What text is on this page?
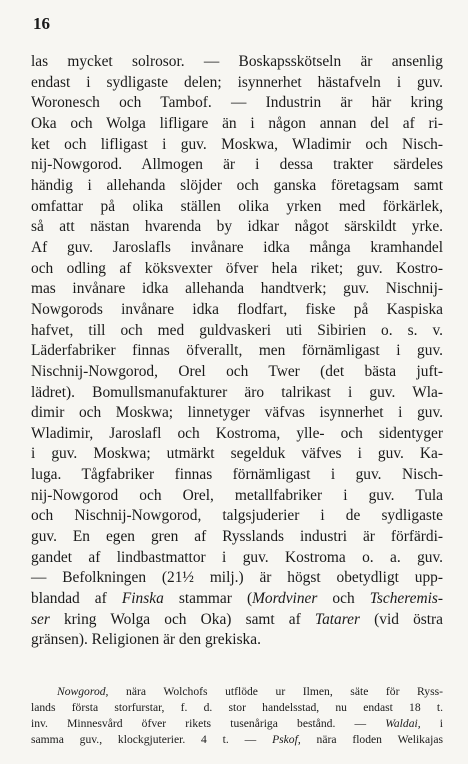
16
las mycket solrosor. — Boskapsskötseln är ansenlig
endast i sydligaste delen; isynnerhet hästafveln i guv.
Woronesch och Tambof. — Industrin är här kring
Oka och Wolga lifligare än i någon annan del af ri-
ket och lifligast i guv. Moskwa, Wladimir och Nisch-
nij-Nowgorod. Allmogen är i dessa trakter särdeles
händig i allehanda slöjder och ganska företagsam samt
omfattar på olika ställen olika yrken med förkärlek,
så att nästan hvarenda by idkar något särskildt yrke.
Af guv. Jaroslafls invånare idka många kramhandel
och odling af köksvexter öfver hela riket; guv. Kostro-
mas invånare idka allehanda handtverk; guv. Nischnij-
Nowgorods invånare idka flodfart, fiske på Kaspiska
hafvet, till och med guldvaskeri uti Sibirien o. s. v.
Läderfabriker finnas öfverallt, men förnämligast i guv.
Nischnij-Nowgorod, Orel och Twer (det bästa juft-
lädret). Bomullsmanufakturer äro talrikast i guv. Wla-
dimir och Moskwa; linnetyger väfvas isynnerhet i guv.
Wladimir, Jaroslafl och Kostroma, ylle- och sidentyger
i guv. Moskwa; utmärkt segelduk väfves i guv. Ka-
luga. Tågfabriker finnas förnämligast i guv. Nisch-
nij-Nowgorod och Orel, metallfabriker i guv. Tula
och Nischnij-Nowgorod, talgsjuderier i de sydligaste
guv. En egen gren af Rysslands industri är förfärdi-
gandet af lindbastmattor i guv. Kostroma o. a. guv.
— Befolkningen (21½ milj.) är högst obetydligt upp-
blandad af Finska stammar (Mordviner och Tscheremis-
ser kring Wolga och Oka) samt af Tatarer (vid östra
gränsen). Religionen är den grekiska.
Nowgorod, nära Wolchofs utflöde ur Ilmen, säte för Ryss-
lands första storfurstar, f. d. stor handelsstad, nu endast 18 t.
inv. Minnesvård öfver rikets tusenåriga bestånd. — Waldai, i
samma guv., klockgjuterier. 4 t. — Pskof, nära floden Welikajas
